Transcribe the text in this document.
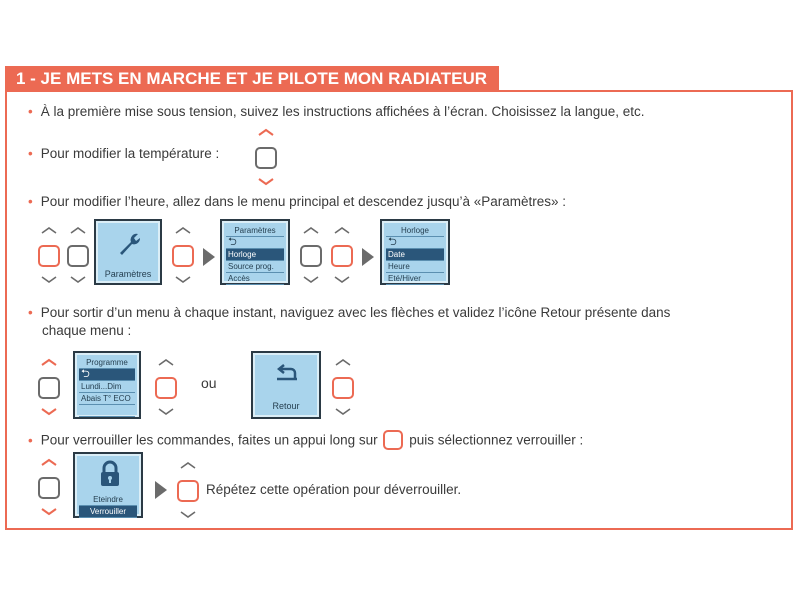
1 - JE METS EN MARCHE ET JE PILOTE MON RADIATEUR
• À la première mise sous tension, suivez les instructions affichées à l’écran. Choisissez la langue, etc.
• Pour modifier la température :
• Pour modifier l’heure, allez dans le menu principal et descendez jusqu’à «Paramètres» :
Paramètres
Paramètres
⮌
Horloge
Source prog.
Accès
Horloge
⮌
Date
Heure
Eté/Hiver
• Pour sortir d’un menu à chaque instant, naviguez avec les flèches et validez l’icône Retour présente dans
chaque menu :
Programme
⮌
Lundi...Dim
Abais T° ECO
ou
Retour
• Pour verrouiller les commandes, faites un appui long sur puis sélectionnez verrouiller :
Eteindre
Verrouiller
Répétez cette opération pour déverrouiller.
